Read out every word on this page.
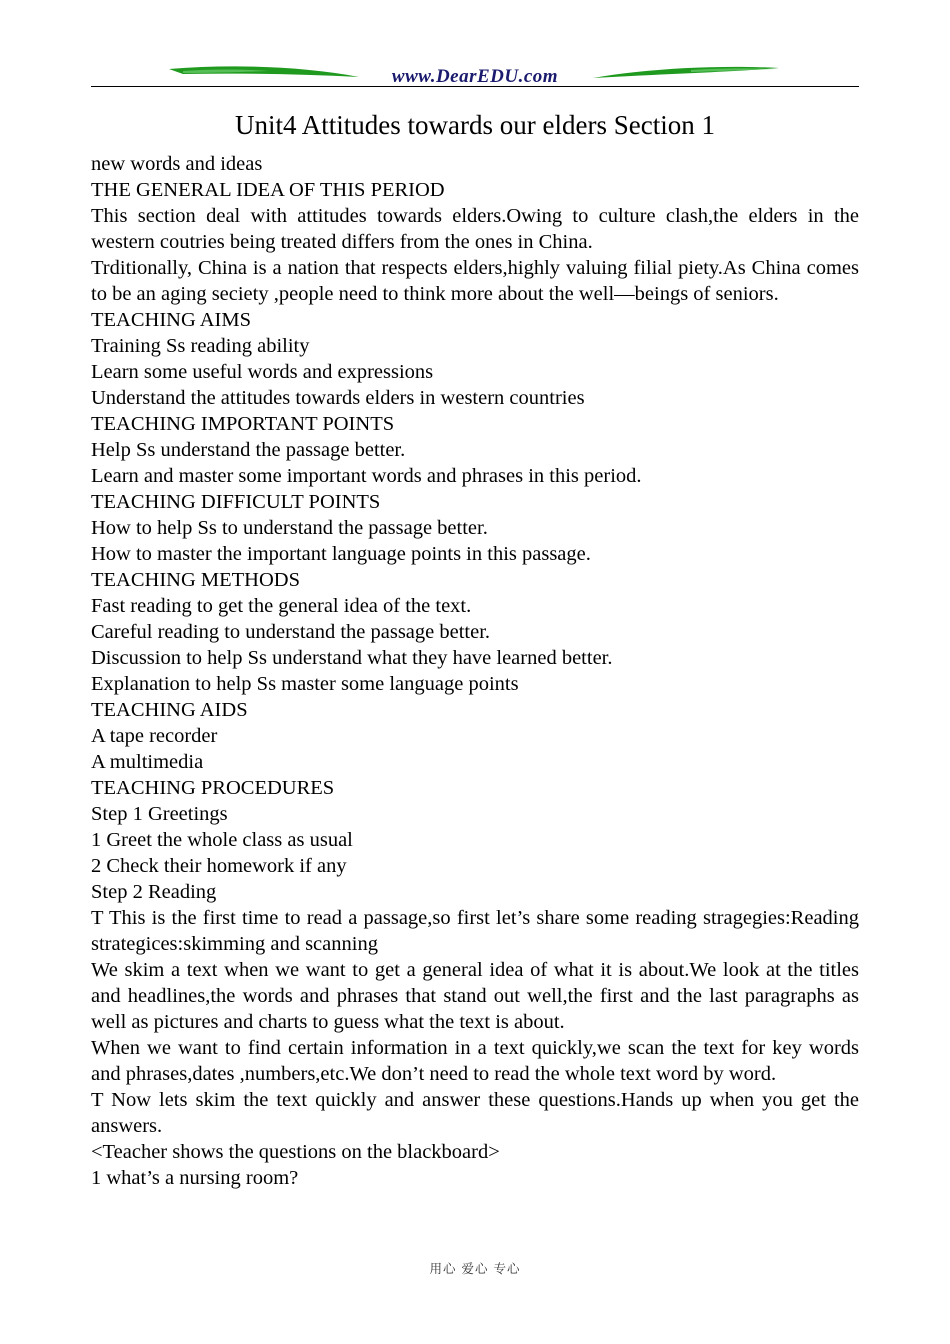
www.DearEDU.com
Unit4 Attitudes towards our elders Section 1

new words and ideas

THE GENERAL IDEA OF THIS PERIOD

This section deal with attitudes towards elders.Owing to culture clash,the elders in the western coutries being treated differs from the ones in China.

Trditionally, China is a nation that respects elders,highly valuing filial piety.As China comes to be an aging seciety ,people need to think more about the well—beings of seniors.

TEACHING AIMS

Training Ss reading ability

Learn some useful words and expressions

Understand the attitudes towards elders in western countries

TEACHING IMPORTANT POINTS

Help Ss understand the passage better.

Learn and master some important words and phrases in this period.

TEACHING DIFFICULT POINTS

How to help Ss to understand the passage better.

How to master the important language points in this passage.

TEACHING METHODS

Fast reading to get the general idea of the text.

Careful reading to understand the passage better.

Discussion to help Ss understand what they have learned better.

Explanation to help Ss master some language points

TEACHING AIDS

A tape recorder

A multimedia

TEACHING PROCEDURES

Step 1 Greetings

1 Greet the whole class as usual

2 Check their homework if any

Step 2 Reading

T This is the first time to read a passage,so first let’s share some reading stragegies:Reading strategices:skimming and scanning

We skim a text when we want to get a general idea of what it is about.We look at the titles and headlines,the words and phrases that stand out well,the first and the last paragraphs as well as pictures and charts to guess what the text is about.

When we want to find certain information in a text quickly,we scan the text for key words and phrases,dates ,numbers,etc.We don’t need to read the whole text word by word.

T Now lets skim the text quickly and answer these questions.Hands up when you get the answers.

<Teacher shows the questions on the blackboard>

1 what’s a nursing room?

用心 爱心 专心
